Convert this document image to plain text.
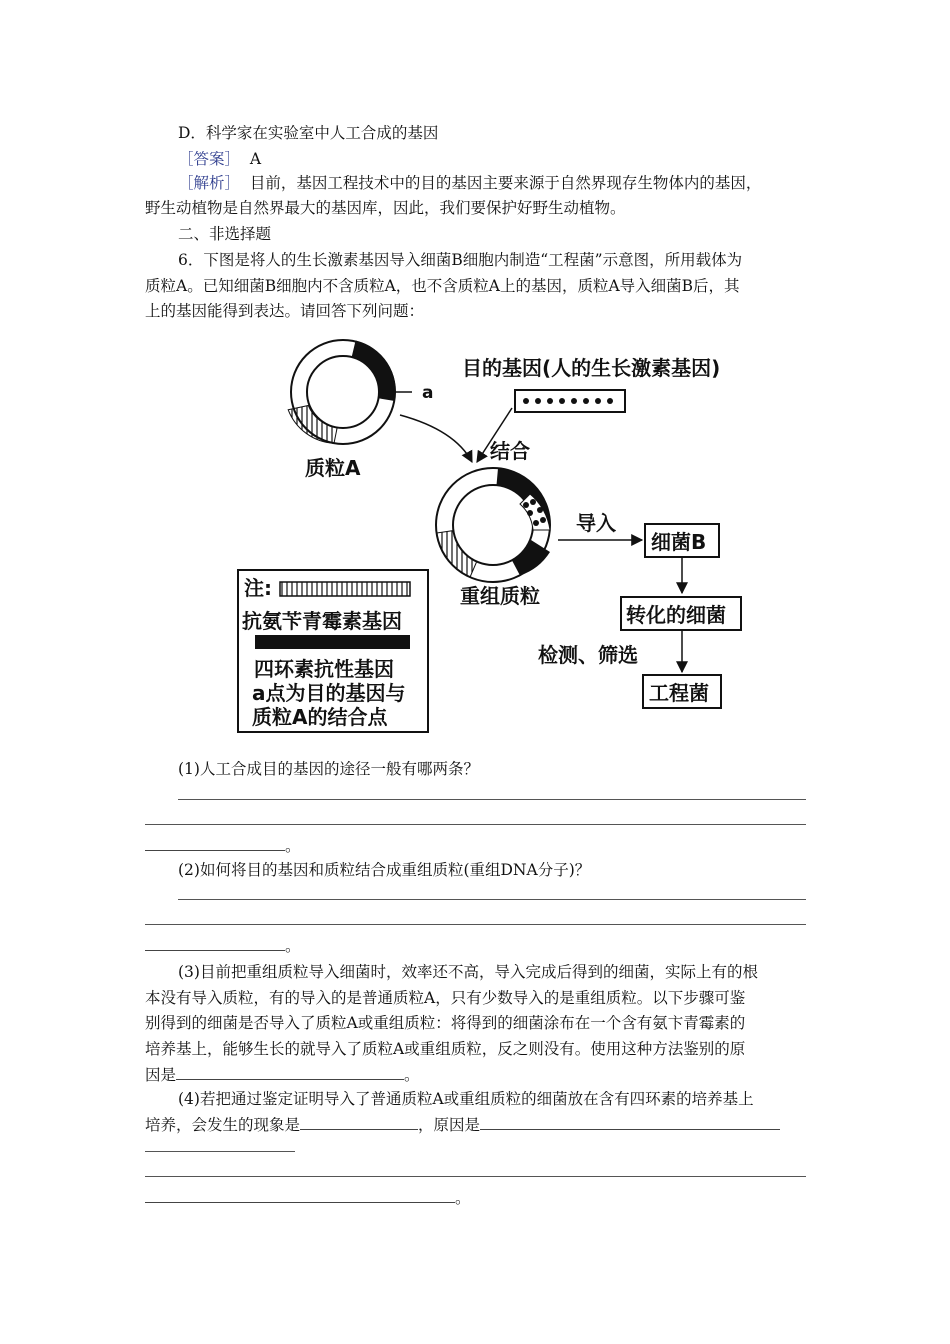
D．科学家在实验室中人工合成的基因
［答案］ A
［解析］ 目前，基因工程技术中的目的基因主要来源于自然界现存生物体内的基因，
野生动植物是自然界最大的基因库，因此，我们要保护好野生动植物。
二、非选择题
6．下图是将人的生长激素基因导入细菌B细胞内制造“工程菌”示意图，所用载体为
质粒A。已知细菌B细胞内不含质粒A，也不含质粒A上的基因，质粒A导入细菌B后，其
上的基因能得到表达。请回答下列问题：
a
质粒A
目的基因(人的生长激素基因)
结合
重组质粒
导入
细菌B
转化的细菌
检测、筛选
工程菌
注:
抗氨苄青霉素基因
四环素抗性基因
a点为目的基因与
质粒A的结合点
(1)人工合成目的基因的途径一般有哪两条？
。
(2)如何将目的基因和质粒结合成重组质粒(重组DNA分子)？
。
(3)目前把重组质粒导入细菌时，效率还不高，导入完成后得到的细菌，实际上有的根
本没有导入质粒，有的导入的是普通质粒A，只有少数导入的是重组质粒。以下步骤可鉴
别得到的细菌是否导入了质粒A或重组质粒：将得到的细菌涂布在一个含有氨卞青霉素的
培养基上，能够生长的就导入了质粒A或重组质粒，反之则没有。使用这种方法鉴别的原
因是	。
(4)若把通过鉴定证明导入了普通质粒A或重组质粒的细菌放在含有四环素的培养基上
培养，会发生的现象是	，原因是
。
